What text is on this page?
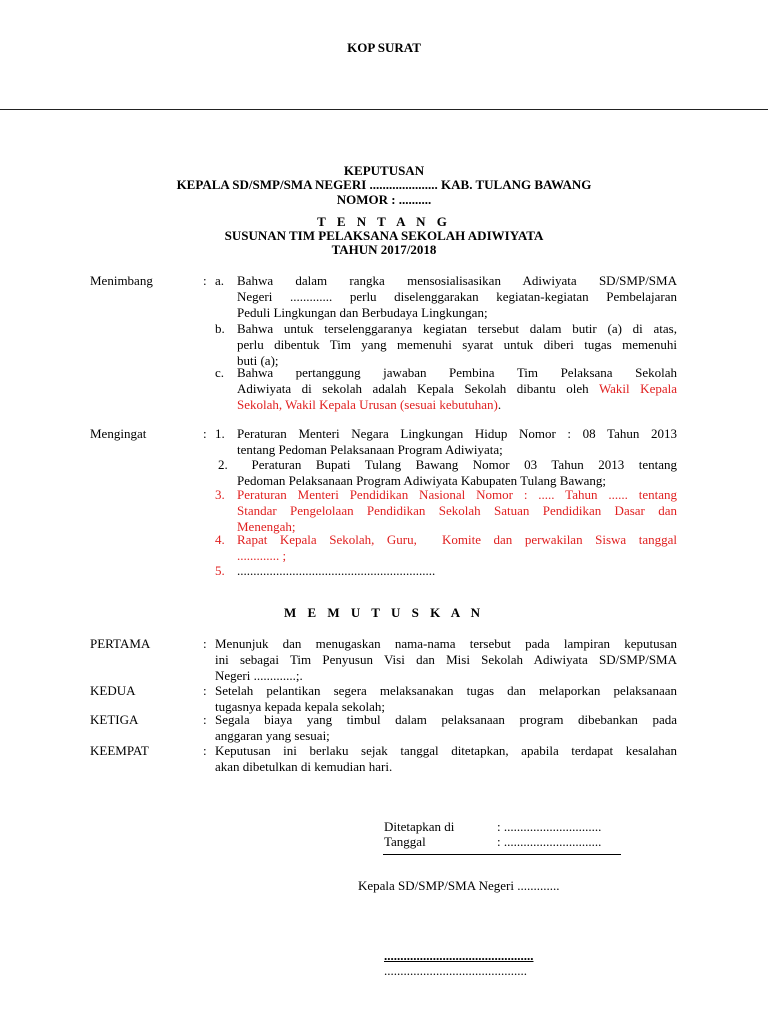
KOP SURAT
KEPUTUSAN
KEPALA SD/SMP/SMA NEGERI ..................... KAB. TULANG BAWANG
NOMOR : ..........
T E N T A N G
SUSUNAN TIM PELAKSANA SEKOLAH ADIWIYATA
TAHUN 2017/2018
Menimbang	: a. Bahwa dalam rangka mensosialisasikan Adiwiyata SD/SMP/SMA
Negeri ............. perlu diselenggarakan kegiatan-kegiatan Pembelajaran
Peduli Lingkungan dan Berbudaya Lingkungan;
b. Bahwa untuk terselenggaranya kegiatan tersebut dalam butir (a) di atas,
perlu dibentuk Tim yang memenuhi syarat untuk diberi tugas memenuhi
buti (a);
c. Bahwa pertanggung jawaban Pembina Tim Pelaksana Sekolah
Adiwiyata di sekolah adalah Kepala Sekolah dibantu oleh Wakil Kepala
Sekolah, Wakil Kepala Urusan (sesuai kebutuhan).
Mengingat	: 1. Peraturan Menteri Negara Lingkungan Hidup Nomor : 08 Tahun 2013
tentang Pedoman Pelaksanaan Program Adiwiyata;
2. Peraturan Bupati Tulang Bawang Nomor 03 Tahun 2013 tentang
Pedoman Pelaksanaan Program Adiwiyata Kabupaten Tulang Bawang;
3. Peraturan Menteri Pendidikan Nasional Nomor : ..... Tahun ...... tentang
Standar Pengelolaan Pendidikan Sekolah Satuan Pendidikan Dasar dan
Menengah;
4. Rapat Kepala Sekolah, Guru,  Komite dan perwakilan Siswa tanggal
............. ;
5. .............................................................
M E M U T U S K A N
PERTAMA	: Menunjuk dan menugaskan nama-nama tersebut pada lampiran keputusan
ini sebagai Tim Penyusun Visi dan Misi Sekolah Adiwiyata SD/SMP/SMA
Negeri .............;.
KEDUA	: Setelah pelantikan segera melaksanakan tugas dan melaporkan pelaksanaan
tugasnya kepada kepala sekolah;
KETIGA	: Segala biaya yang timbul dalam pelaksanaan program dibebankan pada
anggaran yang sesuai;
KEEMPAT	: Keputusan ini berlaku sejak tanggal ditetapkan, apabila terdapat kesalahan
akan dibetulkan di kemudian hari.
Ditetapkan di	: ..............................
Tanggal	: ..............................
Kepala SD/SMP/SMA Negeri .............
..............................................
............................................
